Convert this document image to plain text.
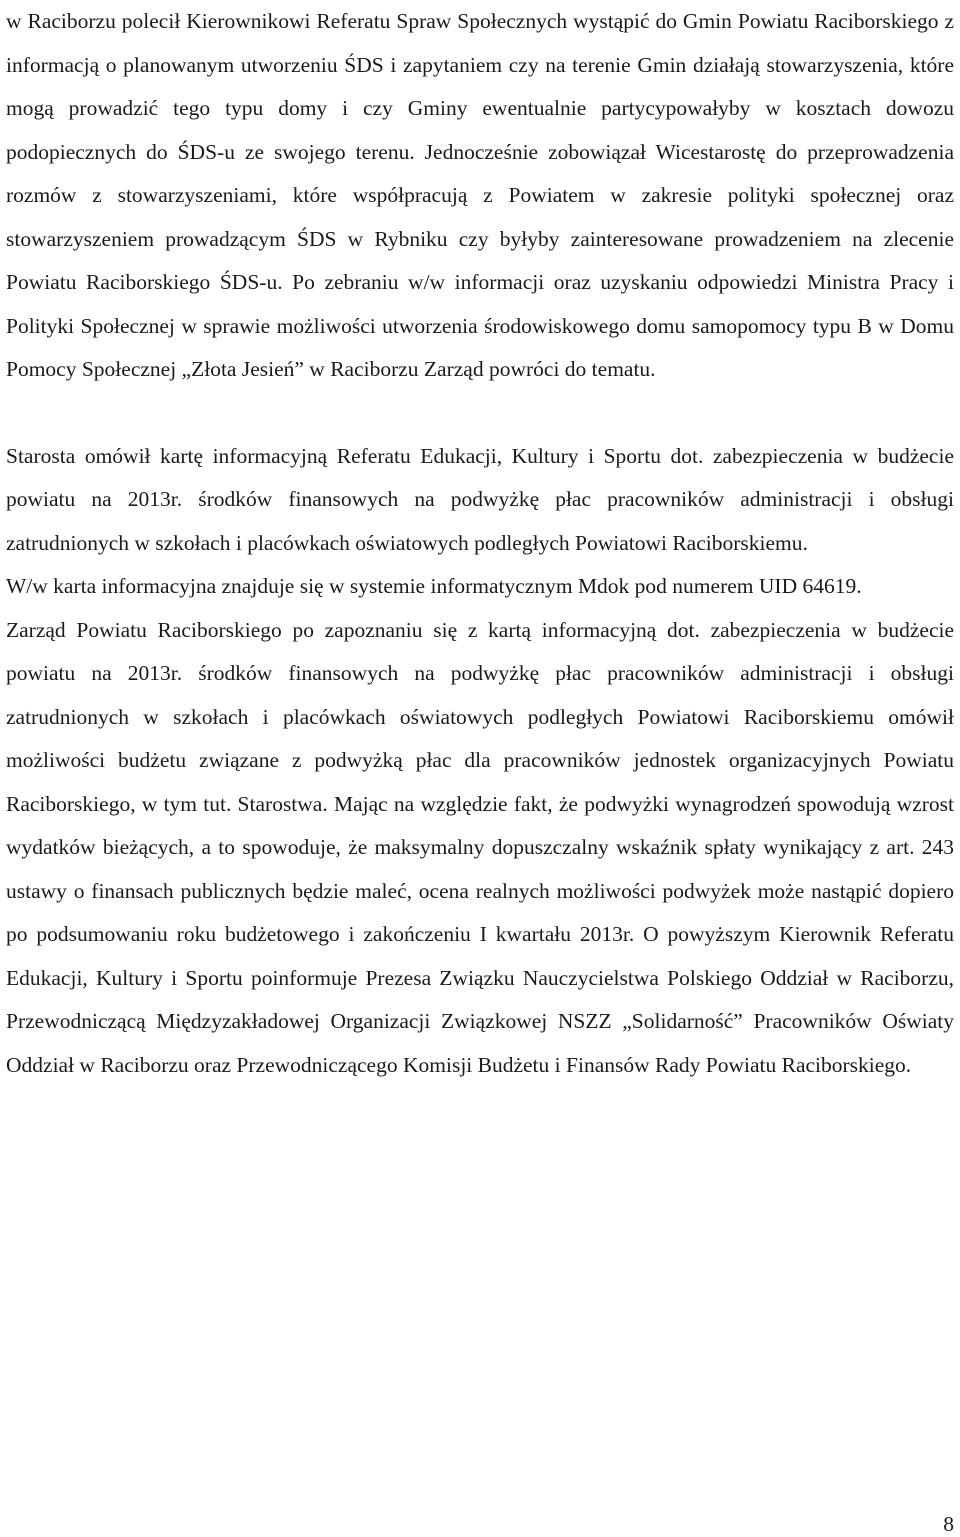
w Raciborzu polecił Kierownikowi Referatu Spraw Społecznych wystąpić do Gmin Powiatu Raciborskiego z informacją o planowanym utworzeniu ŚDS i zapytaniem czy na terenie Gmin działają stowarzyszenia, które mogą prowadzić tego typu domy i czy Gminy ewentualnie partycypowałyby w kosztach dowozu podopiecznych do ŚDS-u ze swojego terenu. Jednocześnie zobowiązał Wicestarostę do przeprowadzenia rozmów z stowarzyszeniami, które współpracują z Powiatem w zakresie polityki społecznej oraz stowarzyszeniem prowadzącym ŚDS w Rybniku czy byłyby zainteresowane prowadzeniem na zlecenie Powiatu Raciborskiego ŚDS-u. Po zebraniu w/w informacji oraz uzyskaniu odpowiedzi Ministra Pracy i Polityki Społecznej w sprawie możliwości utworzenia środowiskowego domu samopomocy typu B w Domu Pomocy Społecznej „Złota Jesień” w Raciborzu Zarząd powróci do tematu.

Starosta omówił kartę informacyjną Referatu Edukacji, Kultury i Sportu dot. zabezpieczenia w budżecie powiatu na 2013r. środków finansowych na podwyżkę płac pracowników administracji i obsługi zatrudnionych w szkołach i placówkach oświatowych podległych Powiatowi Raciborskiemu.

W/w karta informacyjna znajduje się w systemie informatycznym Mdok pod numerem UID 64619.

Zarząd Powiatu Raciborskiego po zapoznaniu się z kartą informacyjną dot. zabezpieczenia w budżecie powiatu na 2013r. środków finansowych na podwyżkę płac pracowników administracji i obsługi zatrudnionych w szkołach i placówkach oświatowych podległych Powiatowi Raciborskiemu omówił możliwości budżetu związane z podwyżką płac dla pracowników jednostek organizacyjnych Powiatu Raciborskiego, w tym tut. Starostwa. Mając na względzie fakt, że podwyżki wynagrodzeń spowodują wzrost wydatków bieżących, a to spowoduje, że maksymalny dopuszczalny wskaźnik spłaty wynikający z art. 243 ustawy o finansach publicznych będzie maleć, ocena realnych możliwości podwyżek może nastąpić dopiero po podsumowaniu roku budżetowego i zakończeniu I kwartału 2013r. O powyższym Kierownik Referatu Edukacji, Kultury i Sportu poinformuje Prezesa Związku Nauczycielstwa Polskiego Oddział w Raciborzu, Przewodniczącą Międzyzakładowej Organizacji Związkowej NSZZ „Solidarność” Pracowników Oświaty Oddział w Raciborzu oraz Przewodniczącego Komisji Budżetu i Finansów Rady Powiatu Raciborskiego.

8
